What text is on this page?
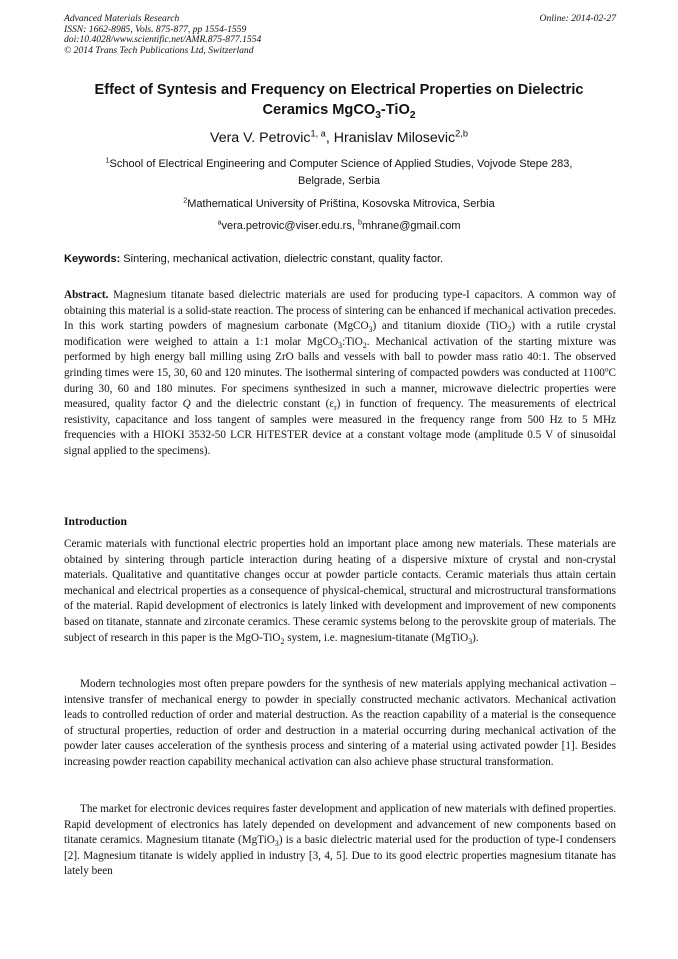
Advanced Materials Research
ISSN: 1662-8985, Vols. 875-877, pp 1554-1559
doi:10.4028/www.scientific.net/AMR.875-877.1554
© 2014 Trans Tech Publications Ltd, Switzerland
Online: 2014-02-27
Effect of Syntesis and Frequency on Electrical Properties on Dielectric
Ceramics MgCO$_3$-TiO$_2$
Vera V. Petrovic$^{1, a}$, Hranislav Milosevic$^{2,b}$
$^1$School of Electrical Engineering and Computer Science of Applied Studies, Vojvode Stepe 283,
Belgrade, Serbia
$^2$Mathematical University of Priština, Kosovska Mitrovica, Serbia
$^a$vera.petrovic@viser.edu.rs, $^b$mhrane@gmail.com
Keywords: Sintering, mechanical activation, dielectric constant, quality factor.

Abstract. Magnesium titanate based dielectric materials are used for producing type-I capacitors. A common way of obtaining this material is a solid-state reaction. The process of sintering can be enhanced if mechanical activation precedes. In this work starting powders of magnesium carbonate (MgCO$_3$) and titanium dioxide (TiO$_2$) with a rutile crystal modification were weighed to attain a 1:1 molar MgCO$_3$:TiO$_2$. Mechanical activation of the starting mixture was performed by high energy ball milling using ZrO balls and vessels with ball to powder mass ratio 40:1. The observed grinding times were 15, 30, 60 and 120 minutes. The isothermal sintering of compacted powders was conducted at 1100$^o$C during 30, 60 and 180 minutes. For specimens synthesized in such a manner, microwave dielectric properties were measured, quality factor Q and the dielectric constant $(\varepsilon_r)$ in function of frequency. The measurements of electrical resistivity, capacitance and loss tangent of samples were measured in the frequency range from 500 Hz to 5 MHz frequencies with a HIOKI 3532-50 LCR HiTESTER device at a constant voltage mode (amplitude 0.5 V of sinusoidal signal applied to the specimens).

Introduction

Ceramic materials with functional electric properties hold an important place among new materials. These materials are obtained by sintering through particle interaction during heating of a dispersive mixture of crystal and non-crystal materials. Qualitative and quantitative changes occur at powder particle contacts. Ceramic materials thus attain certain mechanical and electrical properties as a consequence of physical-chemical, structural and microstructural transformations of the material. Rapid development of electronics is lately linked with development and improvement of new components based on titanate, stannate and zirconate ceramics. These ceramic systems belong to the perovskite group of materials. The subject of research in this paper is the MgO-TiO$_2$ system, i.e. magnesium-titanate (MgTiO$_3$).

Modern technologies most often prepare powders for the synthesis of new materials applying mechanical activation – intensive transfer of mechanical energy to powder in specially constructed mechanic activators. Mechanical activation leads to controlled reduction of order and material destruction. As the reaction capability of a material is the consequence of structural properties, reduction of order and destruction in a material occurring during mechanical activation of the powder later causes acceleration of the synthesis process and sintering of a material using activated powder [1]. Besides increasing powder reaction capability mechanical activation can also achieve phase structural transformation.

The market for electronic devices requires faster development and application of new materials with defined properties. Rapid development of electronics has lately depended on development and advancement of new components based on titanate ceramics. Magnesium titanate (MgTiO$_3$) is a basic dielectric material used for the production of type-I condensers [2]. Magnesium titanate is widely applied in industry [3, 4, 5]. Due to its good electric properties magnesium titanate has lately been
